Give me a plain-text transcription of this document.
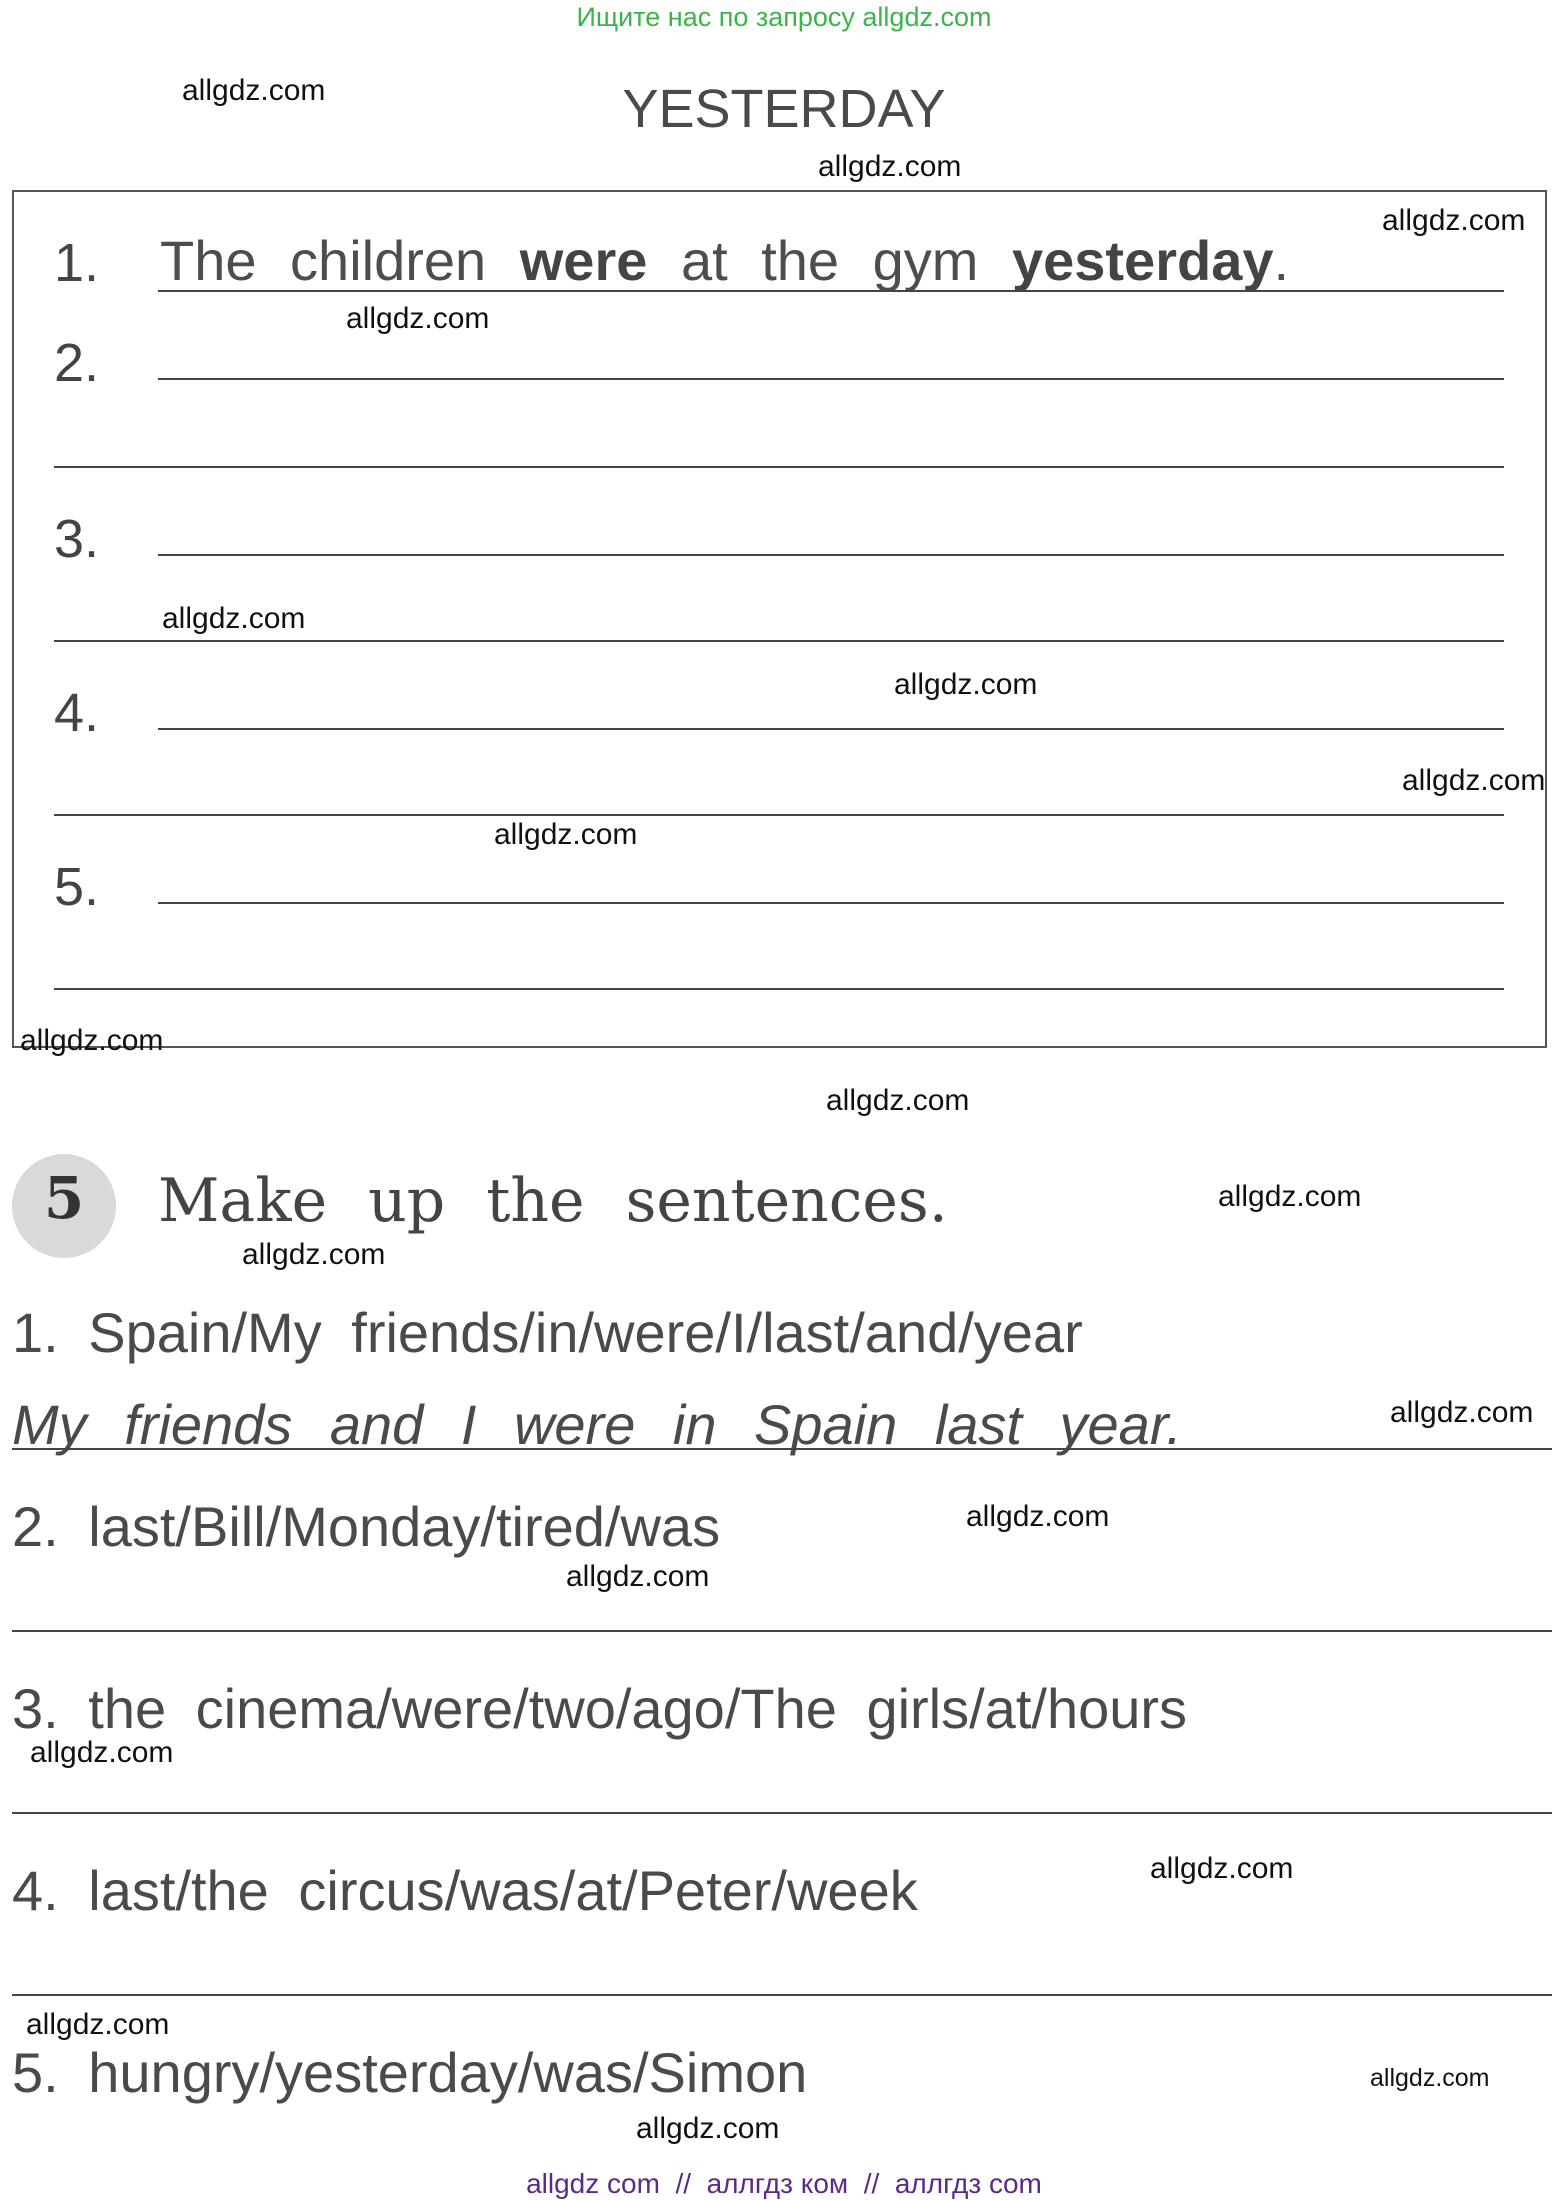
Ищите нас по запросу allgdz.com
YESTERDAY
1. The children were at the gym yesterday.
2.
3.
4.
5.
5	Make up the sentences.
1. Spain/My friends/in/were/I/last/and/year
My friends and I were in Spain last year.
2. last/Bill/Monday/tired/was
3. the cinema/were/two/ago/The girls/at/hours
4. last/the circus/was/at/Peter/week
5. hungry/yesterday/was/Simon
allgdz.com
allgdz.com
allgdz.com
allgdz.com
allgdz.com
allgdz.com
allgdz.com
allgdz.com
allgdz.com
allgdz.com
allgdz.com
allgdz.com
allgdz.com
allgdz.com
allgdz.com
allgdz.com
allgdz.com
allgdz.com
allgdz.com
allgdz.com
allgdz com  //  аллгдз ком  //  аллгдз com
